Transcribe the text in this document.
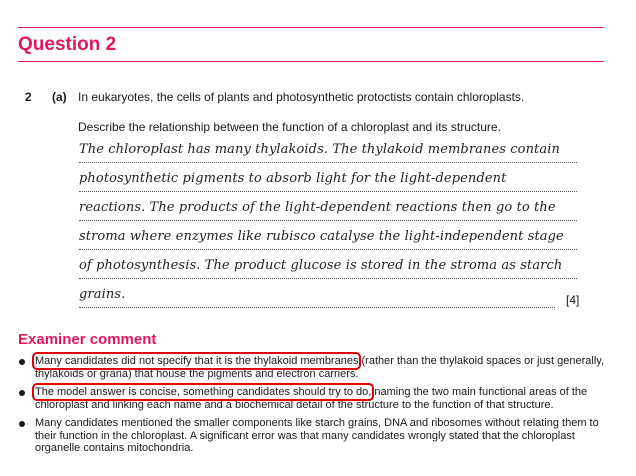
Question 2
2 (a) In eukaryotes, the cells of plants and photosynthetic protoctists contain chloroplasts.
Describe the relationship between the function of a chloroplast and its structure.
The chloroplast has many thylakoids. The thylakoid membranes contain
photosynthetic pigments to absorb light for the light-dependent
reactions. The products of the light-dependent reactions then go to the
stroma where enzymes like rubisco catalyse the light-independent stage
of photosynthesis. The product glucose is stored in the stroma as starch
grains.	[4]
Examiner comment
Many candidates did not specify that it is the thylakoid membranes (rather than the thylakoid spaces or just generally, thylakoids or grana) that house the pigments and electron carriers.
The model answer is concise, something candidates should try to do, naming the two main functional areas of the chloroplast and linking each name and a biochemical detail of the structure to the function of that structure.
Many candidates mentioned the smaller components like starch grains, DNA and ribosomes without relating them to their function in the chloroplast. A significant error was that many candidates wrongly stated that the chloroplast organelle contains mitochondria.
